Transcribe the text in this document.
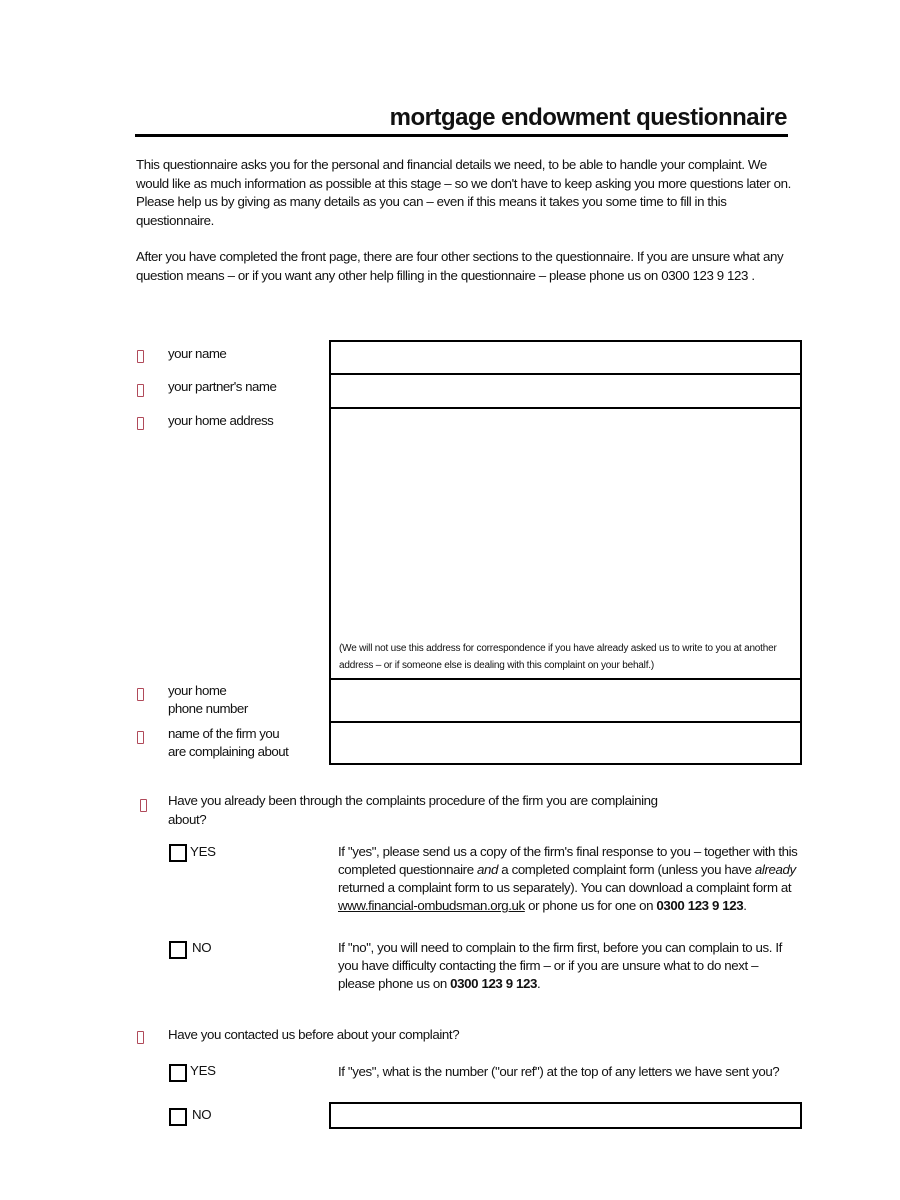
mortgage endowment questionnaire
This questionnaire asks you for the personal and financial details we need, to be able to handle your complaint. We would like as much information as possible at this stage – so we don't have to keep asking you more questions later on. Please help us by giving as many details as you can – even if this means it takes you some time to fill in this questionnaire.
After you have completed the front page, there are four other sections to the questionnaire. If you are unsure what any question means – or if you want any other help filling in the questionnaire – please phone us on 0300 123 9 123 .
your name
your partner's name
your home address
(We will not use this address for correspondence if you have already asked us to write to you at another address – or if someone else is dealing with this complaint on your behalf.)
your home
phone number
name of the firm you
are complaining about
Have you already been through the complaints procedure of the firm you are complaining about?
YES	If "yes", please send us a copy of the firm's final response to you – together with this completed questionnaire and a completed complaint form (unless you have already returned a complaint form to us separately). You can download a complaint form at www.financial-ombudsman.org.uk or phone us for one on 0300 123 9 123.
NO	If "no", you will need to complain to the firm first, before you can complain to us. If you have difficulty contacting the firm – or if you are unsure what to do next – please phone us on 0300 123 9 123.
Have you contacted us before about your complaint?
YES	If "yes", what is the number ("our ref") at the top of any letters we have sent you?
NO
